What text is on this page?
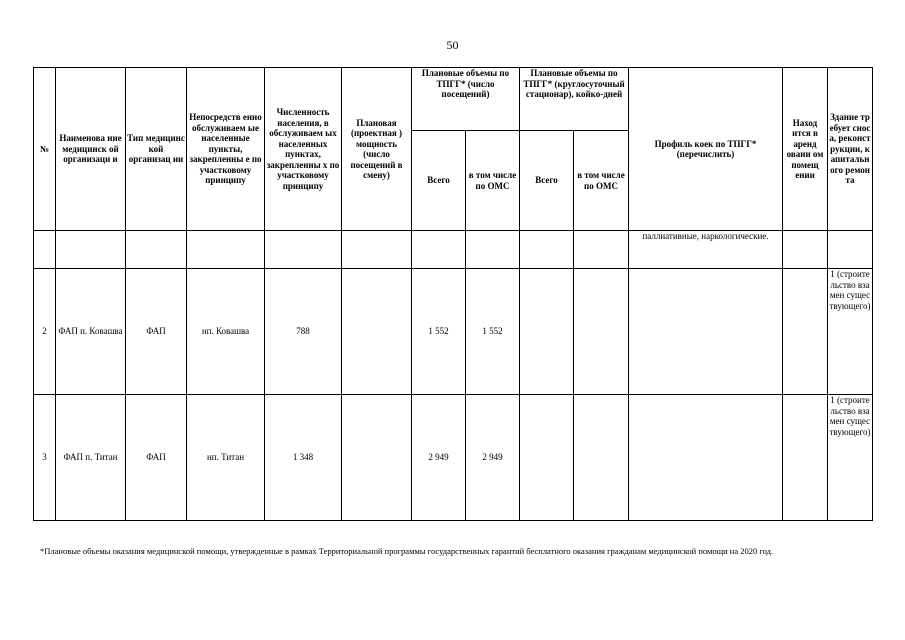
50
№	Наименова ние медицинск ой организаци и	Тип медицинс кой организац ии	Непосредств енно обслуживаем ые населенные пункты, закрепленны е по участковому принципу	Численность населения, в обслуживаем ых населенных пунктах, закрепленны х по участковому принципу	Плановая (проектная ) мощность (число посещений в смену)	Плановые объемы по ТПГГ* (число посещений)		Плановые объемы по ТПГГ* (круглосуточный стационар), койко-дней		Профиль коек по ТПГГ* (перечислить)	Наход ится в аренд овани ом помещ ении	Здание требует сноса, реконструкции, капитального ремонта
						Всего	в том числе по ОМС	Всего	в том числе по ОМС			
										паллиативные, наркологические.		
2	ФАП п. Ковашва	ФАП	нп. Ковашва	788		1 552	1 552					1 (строительство взамен существующего)
3	ФАП п. Титан	ФАП	нп. Титан	1 348		2 949	2 949					1 (строительство взамен существующего)
*Плановые объемы оказания медицинской помощи, утвержденные в рамках Территориальной программы государственных гарантий бесплатного оказания гражданам медицинской помощи на 2020 год.
